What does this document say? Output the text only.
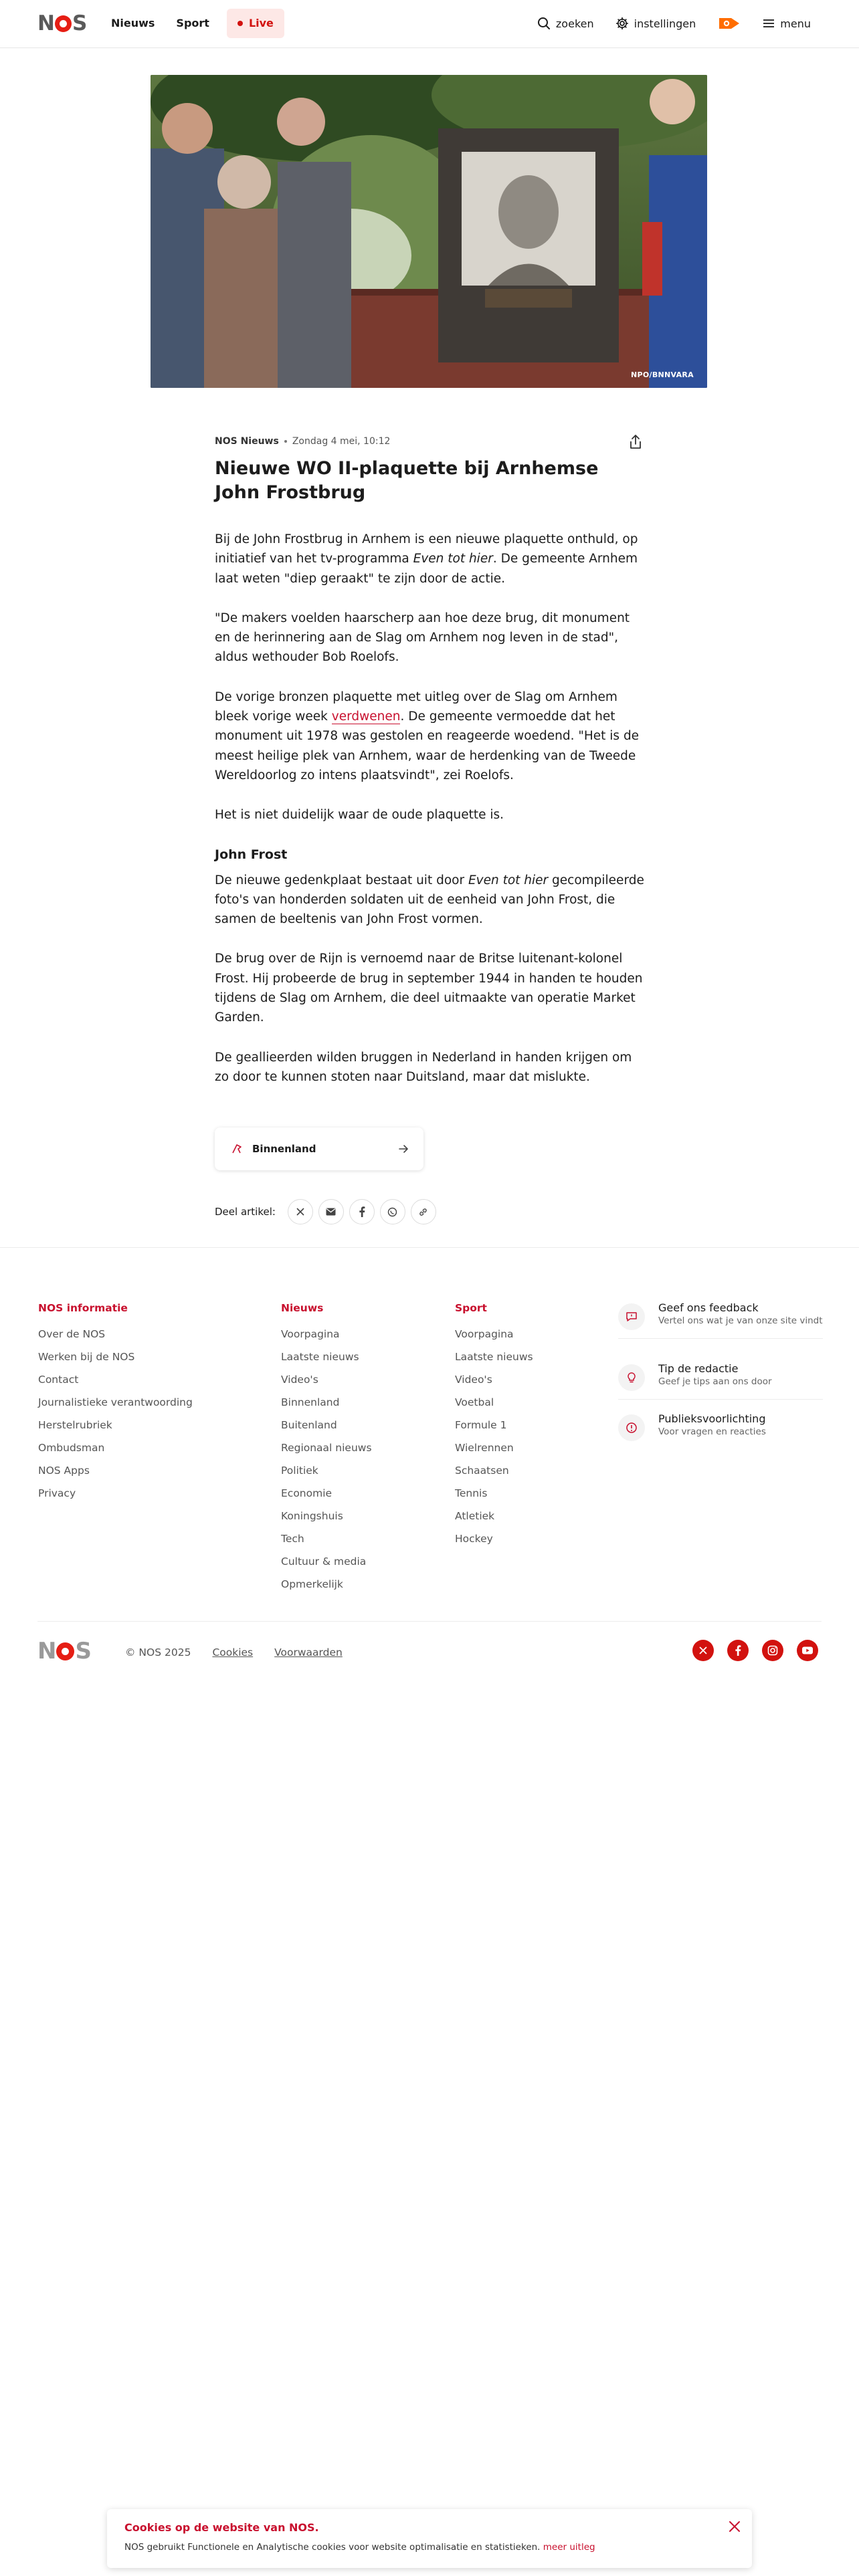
N S	Nieuws	Sport	Live	zoeken	instellingen	menu
NPO/BNNVARA
NOS Nieuws Zondag 4 mei, 10:12
Nieuwe WO II-plaquette bij Arnhemse John Frostbrug

Bij de John Frostbrug in Arnhem is een nieuwe plaquette onthuld, op initiatief van het tv-programma Even tot hier. De gemeente Arnhem laat weten "diep geraakt" te zijn door de actie.

"De makers voelden haarscherp aan hoe deze brug, dit monument en de herinnering aan de Slag om Arnhem nog leven in de stad", aldus wethouder Bob Roelofs.

De vorige bronzen plaquette met uitleg over de Slag om Arnhem bleek vorige week verdwenen. De gemeente vermoedde dat het monument uit 1978 was gestolen en reageerde woedend. "Het is de meest heilige plek van Arnhem, waar de herdenking van de Tweede Wereldoorlog zo intens plaatsvindt", zei Roelofs.

Het is niet duidelijk waar de oude plaquette is.

John Frost

De nieuwe gedenkplaat bestaat uit door Even tot hier gecompileerde foto's van honderden soldaten uit de eenheid van John Frost, die samen de beeltenis van John Frost vormen.

De brug over de Rijn is vernoemd naar de Britse luitenant-kolonel Frost. Hij probeerde de brug in september 1944 in handen te houden tijdens de Slag om Arnhem, die deel uitmaakte van operatie Market Garden.

De geallieerden wilden bruggen in Nederland in handen krijgen om zo door te kunnen stoten naar Duitsland, maar dat mislukte.

Binnenland
Deel artikel:
NOS informatie
Over de NOS
Werken bij de NOS
Contact
Journalistieke verantwoording
Herstelrubriek
Ombudsman
NOS Apps
Privacy
Nieuws
Voorpagina
Laatste nieuws
Video's
Binnenland
Buitenland
Regionaal nieuws
Politiek
Economie
Koningshuis
Tech
Cultuur & media
Opmerkelijk
Sport
Voorpagina
Laatste nieuws
Video's
Voetbal
Formule 1
Wielrennen
Schaatsen
Tennis
Atletiek
Hockey
Geef ons feedback
Vertel ons wat je van onze site vindt
Tip de redactie
Geef je tips aan ons door
Publieksvoorlichting
Voor vragen en reacties
N S	© NOS 2025 Cookies Voorwaarden
Cookies op de website van NOS.
NOS gebruikt Functionele en Analytische cookies voor website optimalisatie en statistieken. meer uitleg
